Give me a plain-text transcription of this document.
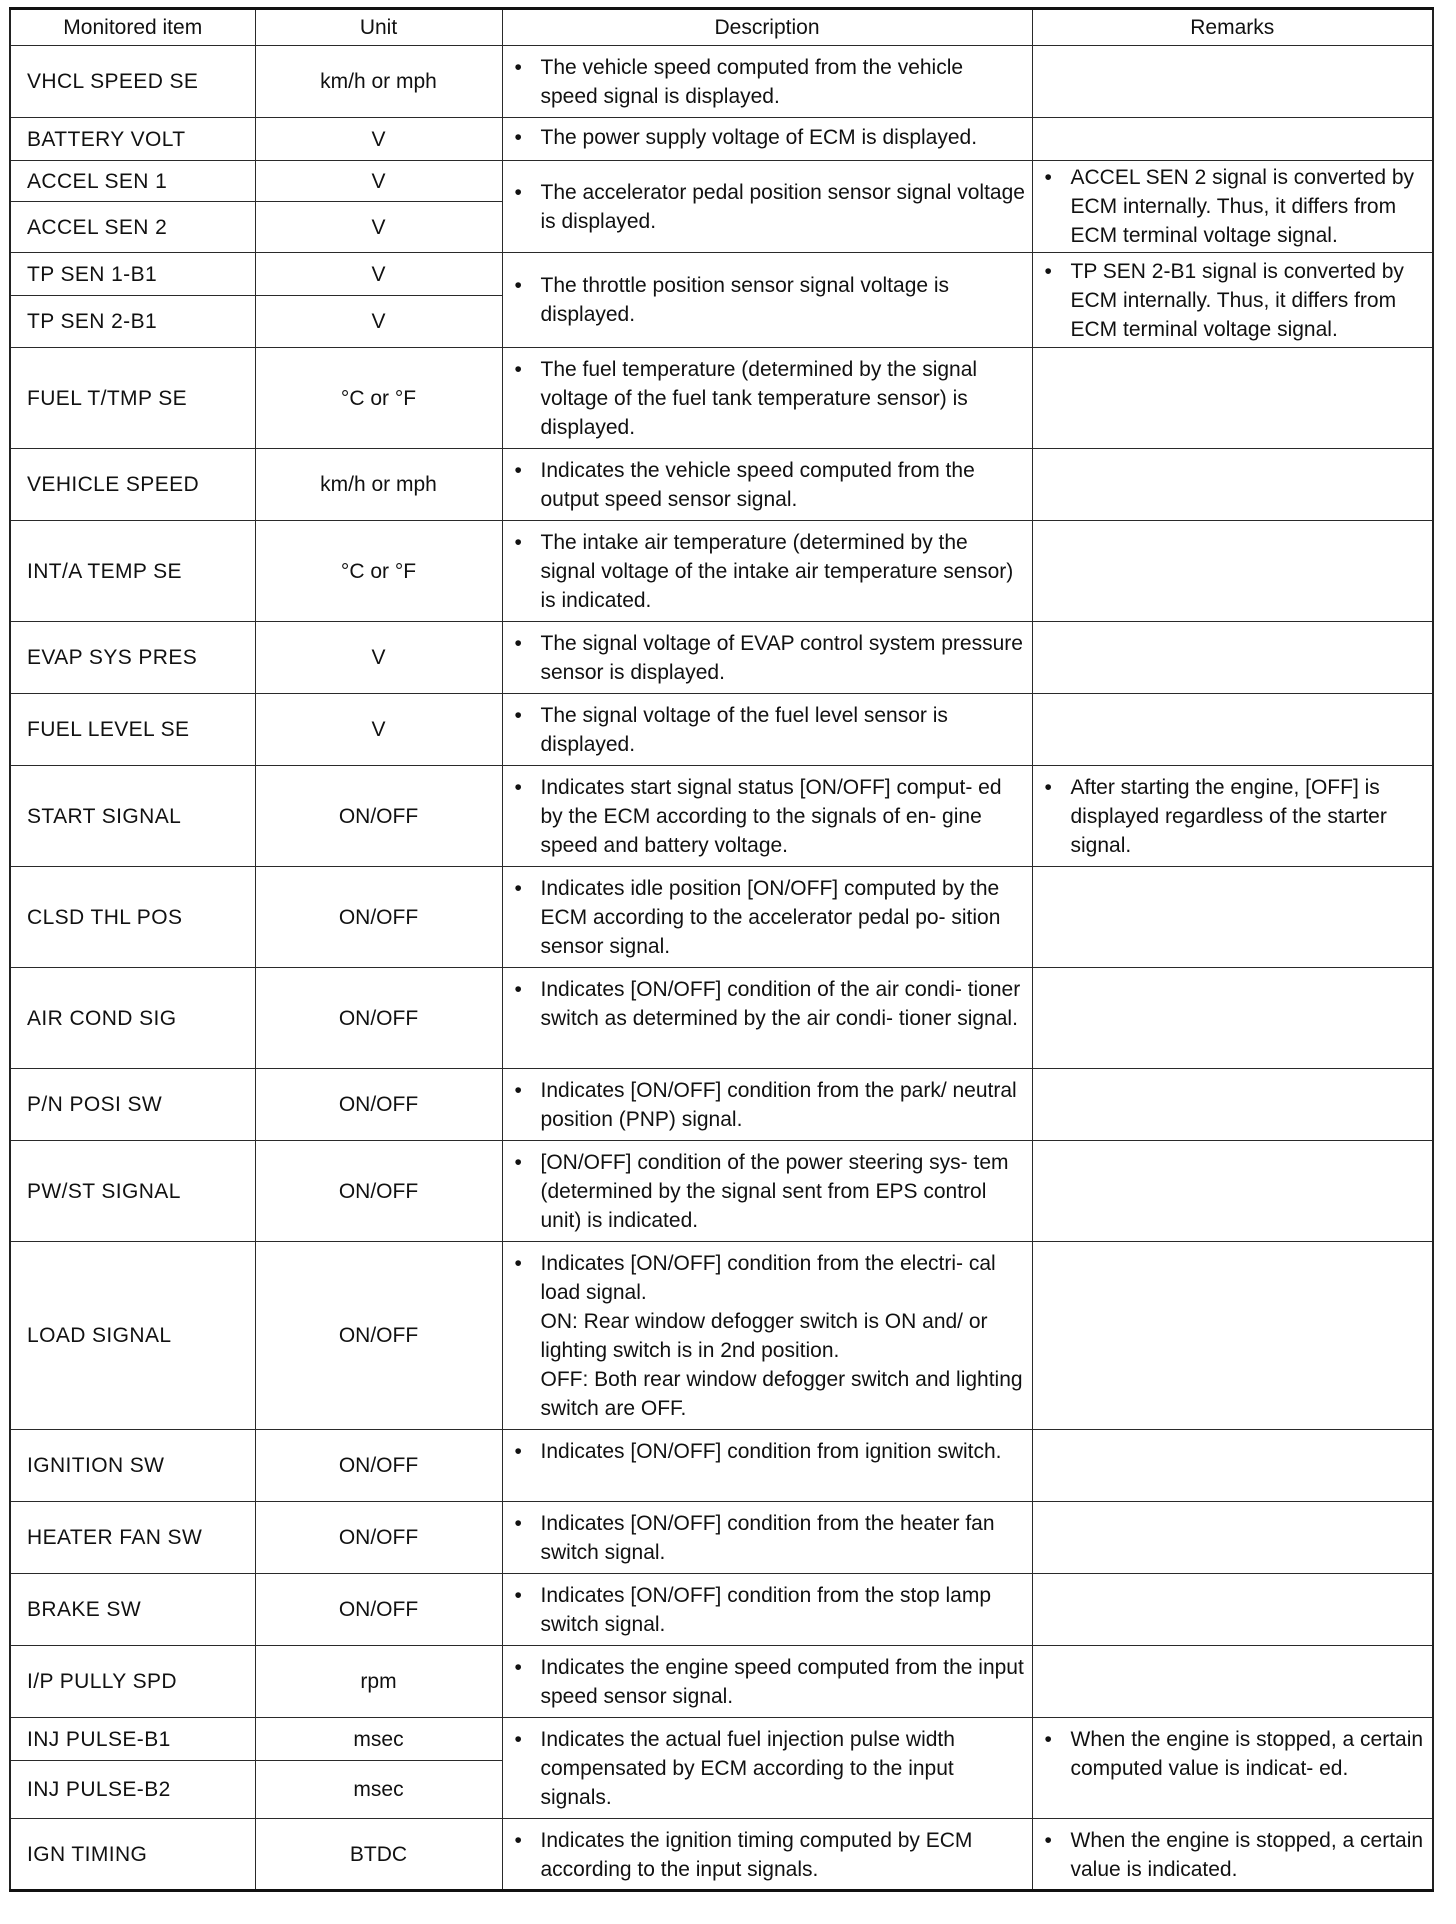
Monitored item	Unit	Description	Remarks
VHCL SPEED SE	km/h or mph	• The vehicle speed computed from the vehicle speed signal is displayed.

BATTERY VOLT	V	• The power supply voltage of ECM is displayed.

ACCEL SEN 1	V	• The accelerator pedal position sensor signal voltage is displayed.	• ACCEL SEN 2 signal is converted by ECM internally. Thus, it differs from ECM terminal voltage signal.

ACCEL SEN 2	V		
TP SEN 1-B1	V	• The throttle position sensor signal voltage is displayed.	• TP SEN 2-B1 signal is converted by ECM internally. Thus, it differs from ECM terminal voltage signal.

TP SEN 2-B1	V		
FUEL T/TMP SE	°C or °F	• The fuel temperature (determined by the signal voltage of the fuel tank temperature sensor) is displayed.

VEHICLE SPEED	km/h or mph	• Indicates the vehicle speed computed from the output speed sensor signal.

INT/A TEMP SE	°C or °F	• The intake air temperature (determined by the signal voltage of the intake air temperature sensor) is indicated.

EVAP SYS PRES	V	• The signal voltage of EVAP control system pressure sensor is displayed.

FUEL LEVEL SE	V	• The signal voltage of the fuel level sensor is displayed.

START SIGNAL	ON/OFF	• Indicates start signal status [ON/OFF] comput- ed by the ECM according to the signals of en- gine speed and battery voltage.	• After starting the engine, [OFF] is displayed regardless of the starter signal.

CLSD THL POS	ON/OFF	• Indicates idle position [ON/OFF] computed by the ECM according to the accelerator pedal po- sition sensor signal.

AIR COND SIG	ON/OFF	• Indicates [ON/OFF] condition of the air condi- tioner switch as determined by the air condi- tioner signal.

P/N POSI SW	ON/OFF	• Indicates [ON/OFF] condition from the park/ neutral position (PNP) signal.

PW/ST SIGNAL	ON/OFF	• [ON/OFF] condition of the power steering sys- tem (determined by the signal sent from EPS control unit) is indicated.

LOAD SIGNAL	ON/OFF	• Indicates [ON/OFF] condition from the electri- cal load signal.
ON: Rear window defogger switch is ON and/ or lighting switch is in 2nd position.
OFF: Both rear window defogger switch and lighting switch are OFF.

IGNITION SW	ON/OFF	• Indicates [ON/OFF] condition from ignition switch.

HEATER FAN SW	ON/OFF	• Indicates [ON/OFF] condition from the heater fan switch signal.

BRAKE SW	ON/OFF	• Indicates [ON/OFF] condition from the stop lamp switch signal.

I/P PULLY SPD	rpm	• Indicates the engine speed computed from the input speed sensor signal.

INJ PULSE-B1	msec	• Indicates the actual fuel injection pulse width compensated by ECM according to the input signals.	• When the engine is stopped, a certain computed value is indicat- ed.

INJ PULSE-B2	msec		
IGN TIMING	BTDC	• Indicates the ignition timing computed by ECM according to the input signals.	• When the engine is stopped, a certain value is indicated.
